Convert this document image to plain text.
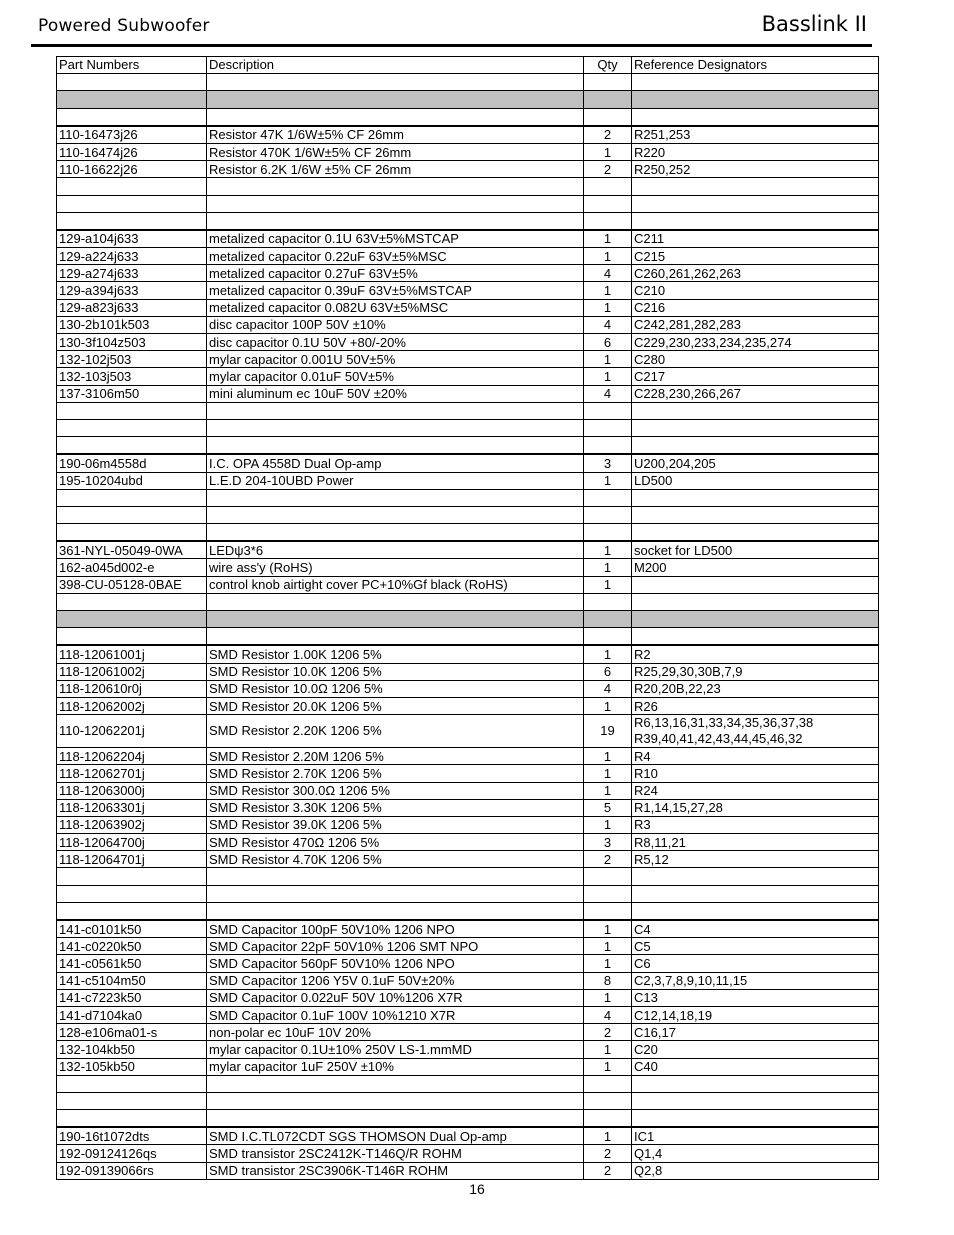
Powered Subwoofer	Basslink II
Part Numbers	Description	Qty	Reference Designators

110-16473j26	Resistor 47K 1/6W±5% CF 26mm	2	R251,253
110-16474j26	Resistor 470K 1/6W±5% CF 26mm	1	R220
110-16622j26	Resistor 6.2K 1/6W ±5% CF 26mm	2	R250,252

129-a104j633	metalized capacitor 0.1U 63V±5%MSTCAP	1	C211
129-a224j633	metalized capacitor 0.22uF 63V±5%MSC	1	C215
129-a274j633	metalized capacitor 0.27uF 63V±5%	4	C260,261,262,263
129-a394j633	metalized capacitor 0.39uF 63V±5%MSTCAP	1	C210
129-a823j633	metalized capacitor 0.082U 63V±5%MSC	1	C216
130-2b101k503	disc capacitor 100P 50V ±10%	4	C242,281,282,283
130-3f104z503	disc capacitor 0.1U 50V +80/-20%	6	C229,230,233,234,235,274
132-102j503	mylar capacitor 0.001U 50V±5%	1	C280
132-103j503	mylar capacitor 0.01uF 50V±5%	1	C217
137-3106m50	mini aluminum ec 10uF 50V ±20%	4	C228,230,266,267

190-06m4558d	I.C. OPA 4558D Dual Op-amp	3	U200,204,205
195-10204ubd	L.E.D 204-10UBD Power	1	LD500

361-NYL-05049-0WA	LEDψ3*6	1	socket for LD500
162-a045d002-e	wire ass'y (RoHS)	1	M200
398-CU-05128-0BAE	control knob airtight cover PC+10%Gf black (RoHS)	1	

118-12061001j	SMD Resistor 1.00K 1206 5%	1	R2
118-12061002j	SMD Resistor 10.0K 1206 5%	6	R25,29,30,30B,7,9
118-120610r0j	SMD Resistor 10.0Ω 1206 5%	4	R20,20B,22,23
118-12062002j	SMD Resistor 20.0K 1206 5%	1	R26
110-12062201j	SMD Resistor 2.20K 1206 5%	19	R6,13,16,31,33,34,35,36,37,38 R39,40,41,42,43,44,45,46,32
118-12062204j	SMD Resistor 2.20M 1206 5%	1	R4
118-12062701j	SMD Resistor 2.70K 1206 5%	1	R10
118-12063000j	SMD Resistor 300.0Ω 1206 5%	1	R24
118-12063301j	SMD Resistor 3.30K 1206 5%	5	R1,14,15,27,28
118-12063902j	SMD Resistor 39.0K 1206 5%	1	R3
118-12064700j	SMD Resistor 470Ω 1206 5%	3	R8,11,21
118-12064701j	SMD Resistor 4.70K 1206 5%	2	R5,12

141-c0101k50	SMD Capacitor 100pF 50V10% 1206 NPO	1	C4
141-c0220k50	SMD Capacitor 22pF 50V10% 1206 SMT NPO	1	C5
141-c0561k50	SMD Capacitor 560pF 50V10% 1206 NPO	1	C6
141-c5104m50	SMD Capacitor 1206 Y5V 0.1uF 50V±20%	8	C2,3,7,8,9,10,11,15
141-c7223k50	SMD Capacitor 0.022uF 50V 10%1206 X7R	1	C13
141-d7104ka0	SMD Capacitor 0.1uF 100V 10%1210 X7R	4	C12,14,18,19
128-e106ma01-s	non-polar ec 10uF 10V 20%	2	C16,17
132-104kb50	mylar capacitor 0.1U±10% 250V LS-1.mmMD	1	C20
132-105kb50	mylar capacitor 1uF 250V ±10%	1	C40

190-16t1072dts	SMD I.C.TL072CDT SGS THOMSON Dual Op-amp	1	IC1
192-09124126qs	SMD transistor 2SC2412K-T146Q/R ROHM	2	Q1,4
192-09139066rs	SMD transistor 2SC3906K-T146R ROHM	2	Q2,8
16
